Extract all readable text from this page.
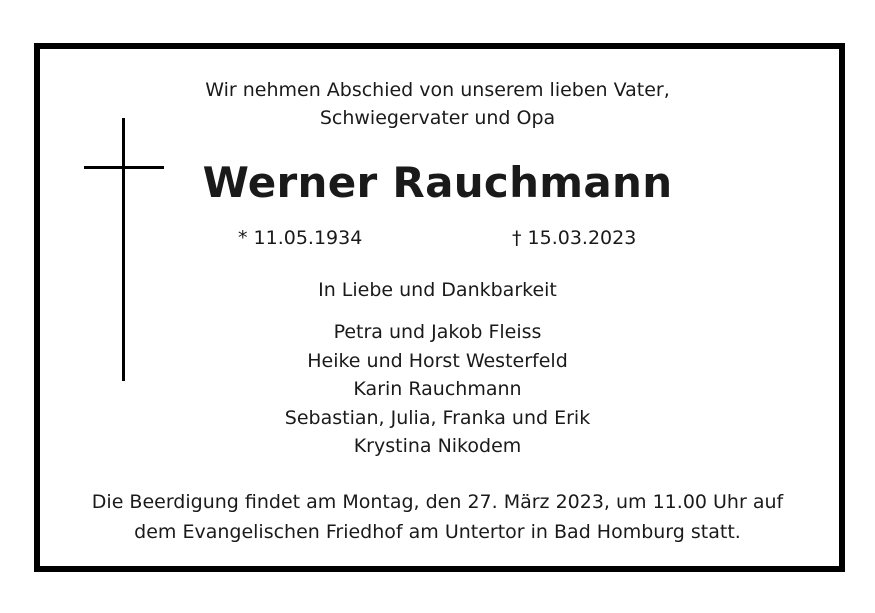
Wir nehmen Abschied von unserem lieben Vater,
Schwiegervater und Opa
Werner Rauchmann
* 11.05.1934	† 15.03.2023
In Liebe und Dankbarkeit
Petra und Jakob Fleiss
Heike und Horst Westerfeld
Karin Rauchmann
Sebastian, Julia, Franka und Erik
Krystina Nikodem
Die Beerdigung findet am Montag, den 27. März 2023, um 11.00 Uhr auf
dem Evangelischen Friedhof am Untertor in Bad Homburg statt.
